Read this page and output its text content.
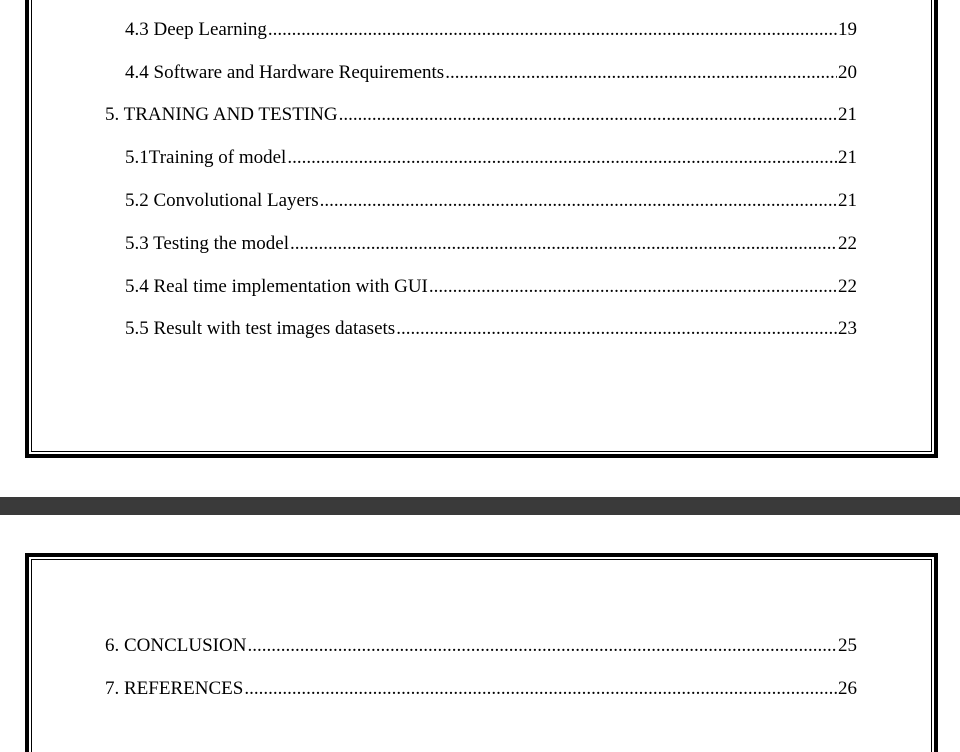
4.3 Deep Learning .....	19
4.4 Software and Hardware Requirements .....	20
5. TRANING AND TESTING .....	21
5.1Training of model .....	21
5.2 Convolutional Layers .....	21
5.3 Testing the model .....	22
5.4 Real time implementation with GUI .....	22
5.5 Result with test images datasets .....	23
6. CONCLUSION .....	25
7. REFERENCES .....	26
